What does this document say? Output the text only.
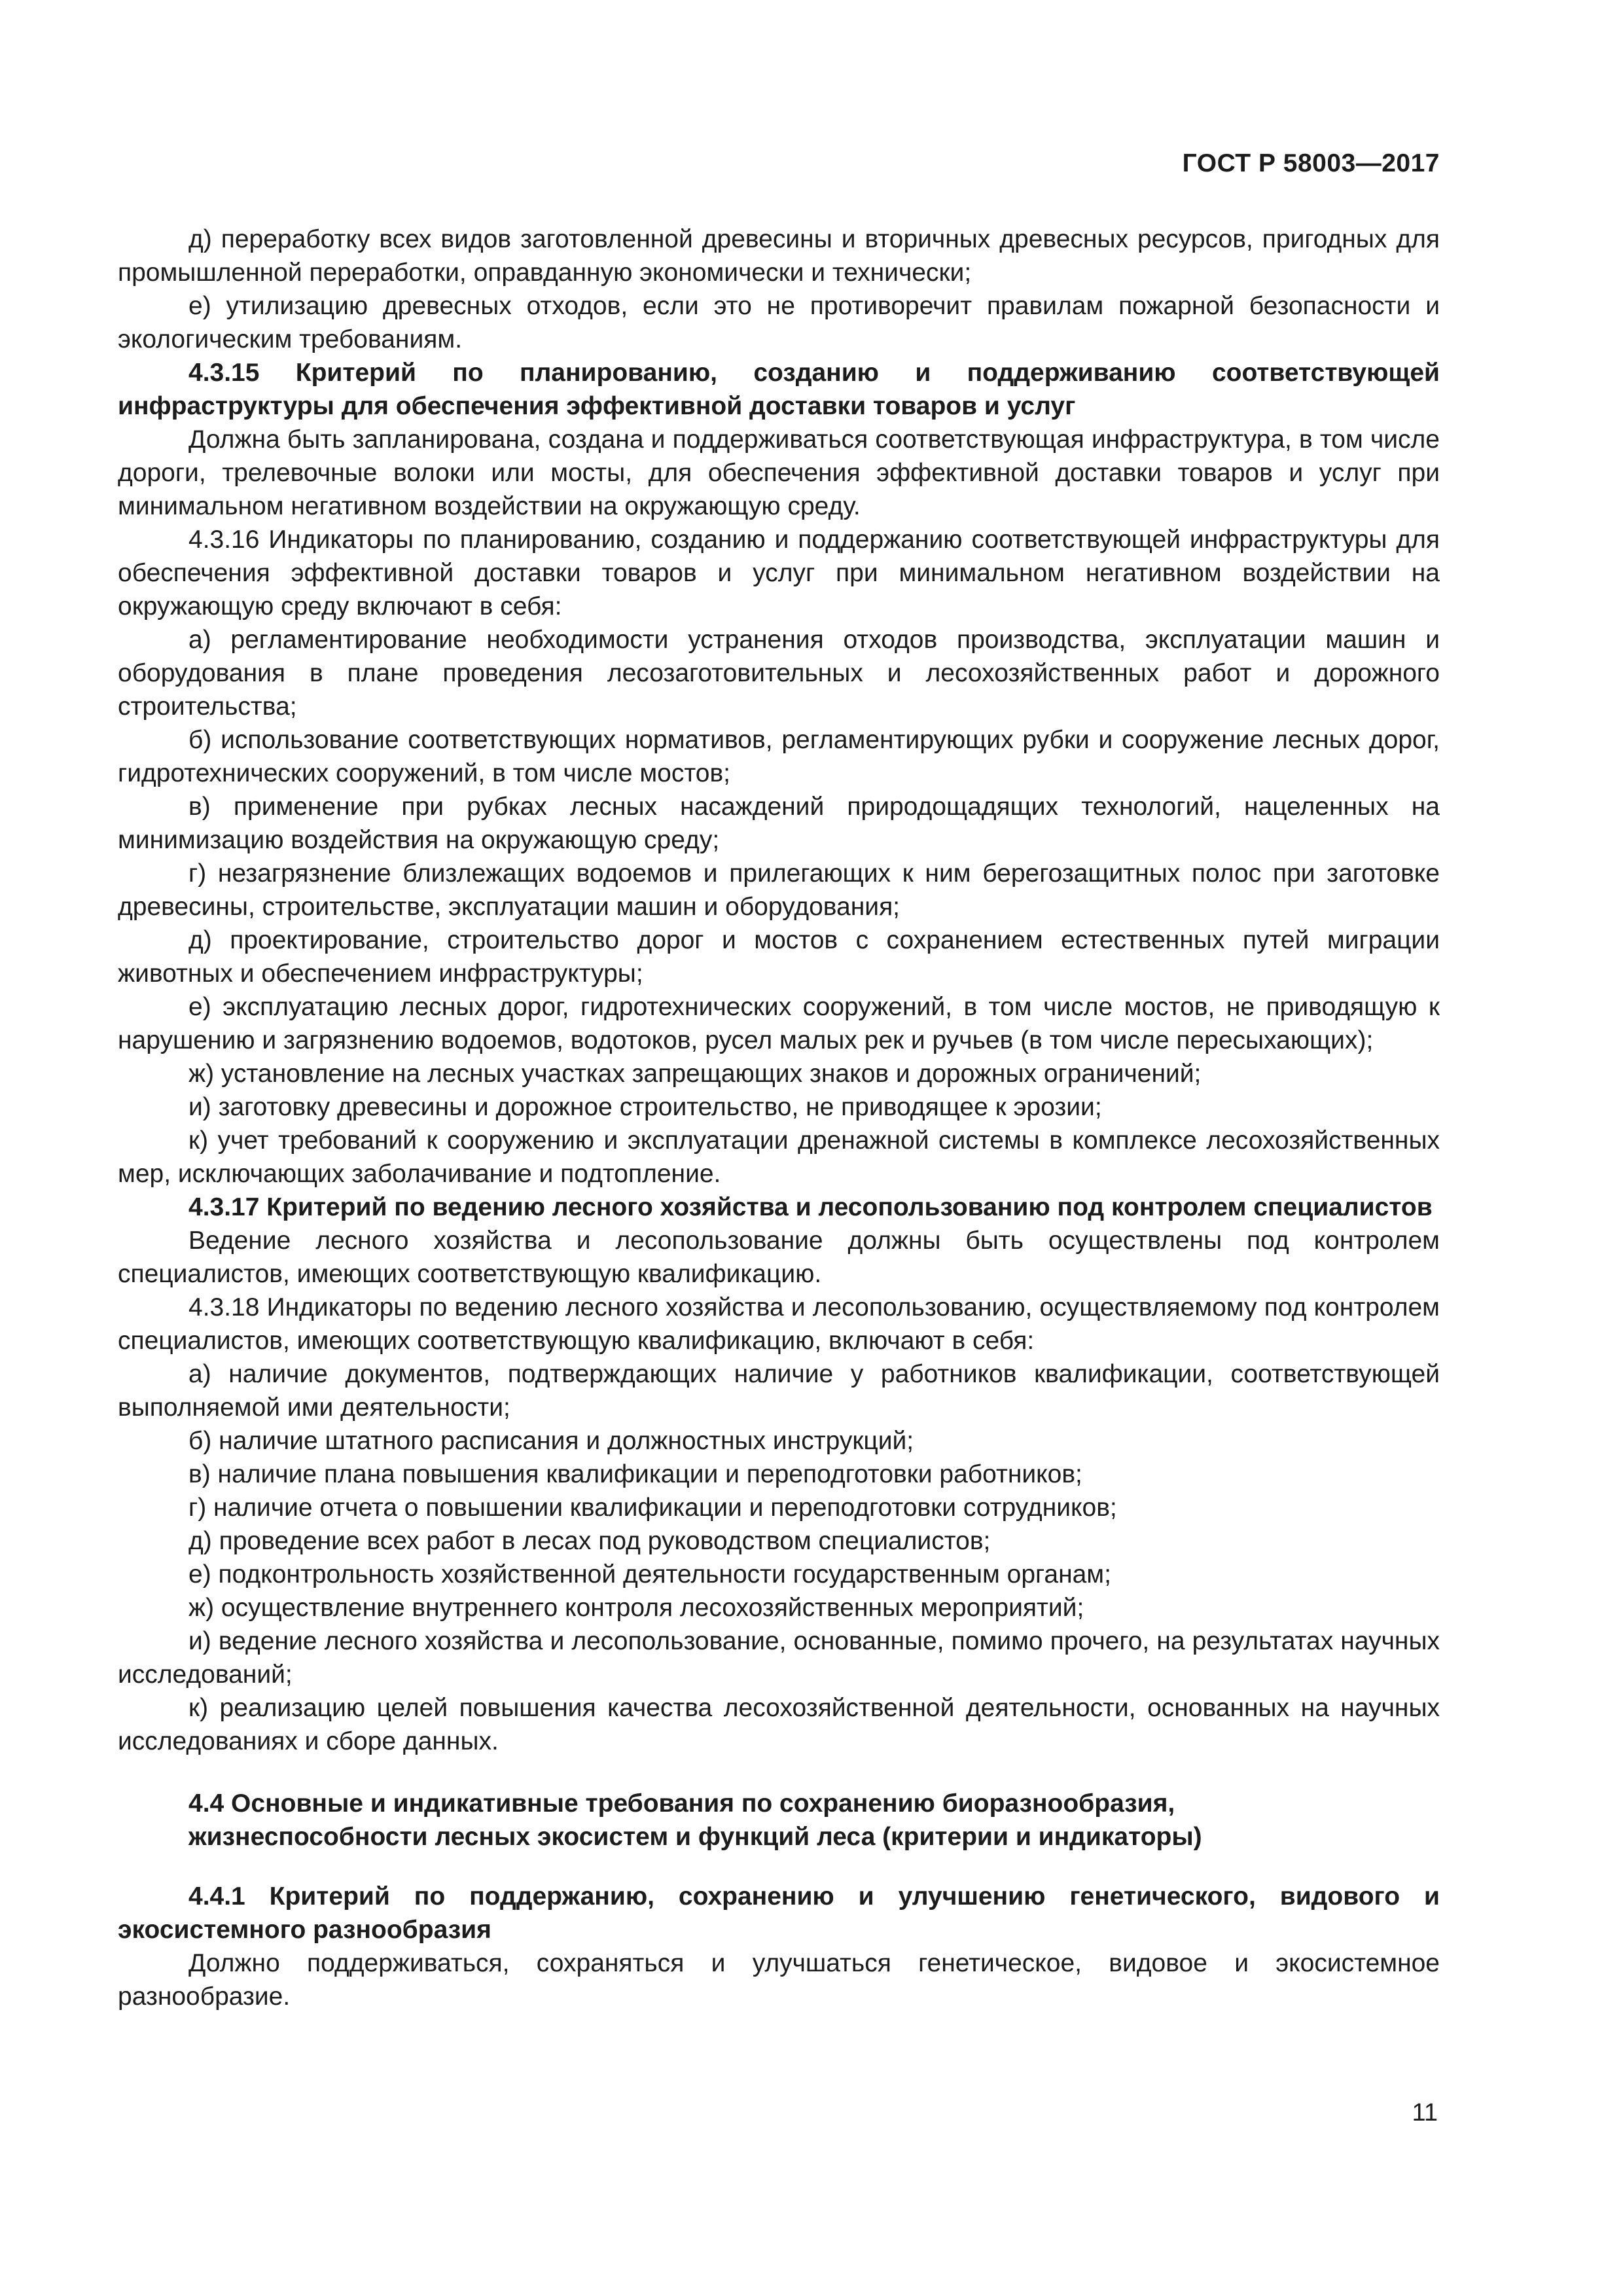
ГОСТ Р 58003—2017

д) переработку всех видов заготовленной древесины и вторичных древесных ресурсов, пригодных для промышленной переработки, оправданную экономически и технически;

е) утилизацию древесных отходов, если это не противоречит правилам пожарной безопасности и экологическим требованиям.

4.3.15 Критерий по планированию, созданию и поддерживанию соответствующей инфраструктуры для обеспечения эффективной доставки товаров и услуг

Должна быть запланирована, создана и поддерживаться соответствующая инфраструктура, в том числе дороги, трелевочные волоки или мосты, для обеспечения эффективной доставки товаров и услуг при минимальном негативном воздействии на окружающую среду.

4.3.16 Индикаторы по планированию, созданию и поддержанию соответствующей инфраструктуры для обеспечения эффективной доставки товаров и услуг при минимальном негативном воздействии на окружающую среду включают в себя:

а) регламентирование необходимости устранения отходов производства, эксплуатации машин и оборудования в плане проведения лесозаготовительных и лесохозяйственных работ и дорожного строительства;

б) использование соответствующих нормативов, регламентирующих рубки и сооружение лесных дорог, гидротехнических сооружений, в том числе мостов;

в) применение при рубках лесных насаждений природощадящих технологий, нацеленных на минимизацию воздействия на окружающую среду;

г) незагрязнение близлежащих водоемов и прилегающих к ним берегозащитных полос при заготовке древесины, строительстве, эксплуатации машин и оборудования;

д) проектирование, строительство дорог и мостов с сохранением естественных путей миграции животных и обеспечением инфраструктуры;

е) эксплуатацию лесных дорог, гидротехнических сооружений, в том числе мостов, не приводящую к нарушению и загрязнению водоемов, водотоков, русел малых рек и ручьев (в том числе пересыхающих);

ж) установление на лесных участках запрещающих знаков и дорожных ограничений;

и) заготовку древесины и дорожное строительство, не приводящее к эрозии;

к) учет требований к сооружению и эксплуатации дренажной системы в комплексе лесохозяйственных мер, исключающих заболачивание и подтопление.

4.3.17 Критерий по ведению лесного хозяйства и лесопользованию под контролем специалистов

Ведение лесного хозяйства и лесопользование должны быть осуществлены под контролем специалистов, имеющих соответствующую квалификацию.

4.3.18 Индикаторы по ведению лесного хозяйства и лесопользованию, осуществляемому под контролем специалистов, имеющих соответствующую квалификацию, включают в себя:

а) наличие документов, подтверждающих наличие у работников квалификации, соответствующей выполняемой ими деятельности;

б) наличие штатного расписания и должностных инструкций;

в) наличие плана повышения квалификации и переподготовки работников;

г) наличие отчета о повышении квалификации и переподготовки сотрудников;

д) проведение всех работ в лесах под руководством специалистов;

е) подконтрольность хозяйственной деятельности государственным органам;

ж) осуществление внутреннего контроля лесохозяйственных мероприятий;

и) ведение лесного хозяйства и лесопользование, основанные, помимо прочего, на результатах научных исследований;

к) реализацию целей повышения качества лесохозяйственной деятельности, основанных на научных исследованиях и сборе данных.

4.4 Основные и индикативные требования по сохранению биоразнообразия,

жизнеспособности лесных экосистем и функций леса (критерии и индикаторы)

4.4.1 Критерий по поддержанию, сохранению и улучшению генетического, видового и экосистемного разнообразия

Должно поддерживаться, сохраняться и улучшаться генетическое, видовое и экосистемное разнообразие.

11
